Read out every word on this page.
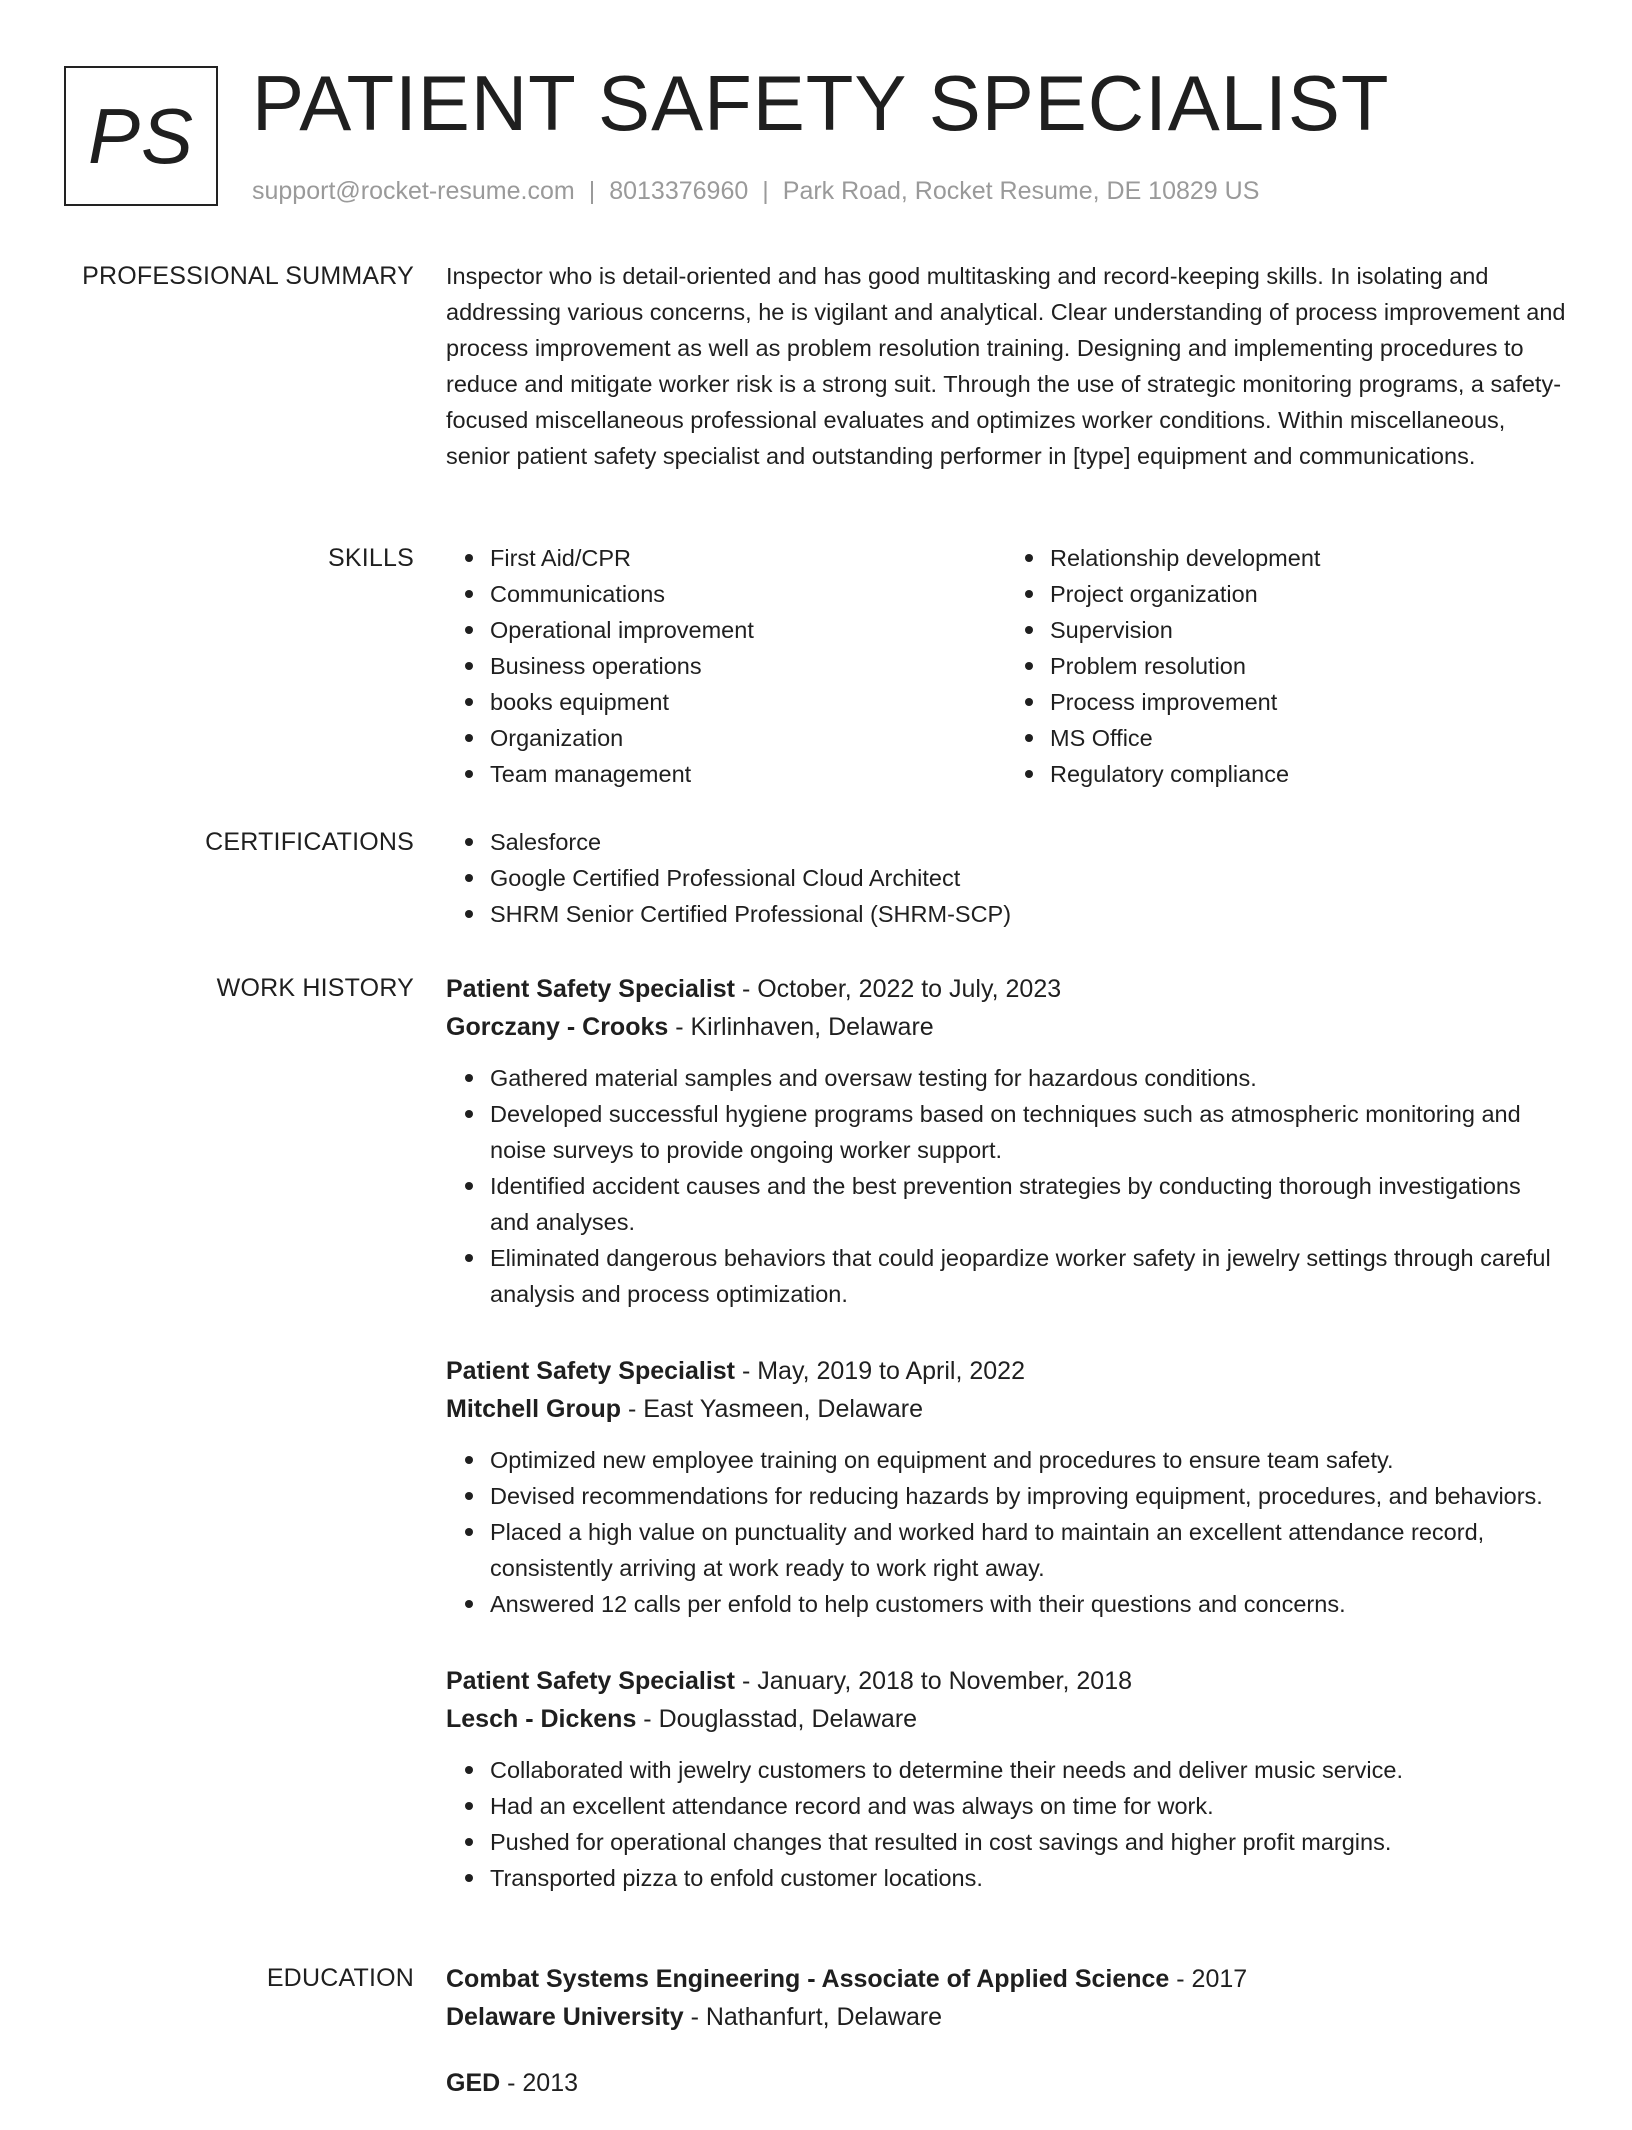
PS PATIENT SAFETY SPECIALIST
support@rocket-resume.com | 8013376960 | Park Road, Rocket Resume, DE 10829 US
PROFESSIONAL SUMMARY Inspector who is detail-oriented and has good multitasking and record-keeping skills. In isolating and addressing various concerns, he is vigilant and analytical. Clear understanding of process improvement and process improvement as well as problem resolution training. Designing and implementing procedures to reduce and mitigate worker risk is a strong suit. Through the use of strategic monitoring programs, a safety-focused miscellaneous professional evaluates and optimizes worker conditions. Within miscellaneous, senior patient safety specialist and outstanding performer in [type] equipment and communications.

SKILLS	First Aid/CPR
Communications
Operational improvement
Business operations
books equipment
Organization
Team management
Relationship development
Project organization
Supervision
Problem resolution
Process improvement
MS Office
Regulatory compliance
CERTIFICATIONS	Salesforce
Google Certified Professional Cloud Architect
SHRM Senior Certified Professional (SHRM-SCP)
WORK HISTORY Patient Safety Specialist - October, 2022 to July, 2023

Gorczany - Crooks - Kirlinhaven, Delaware

Gathered material samples and oversaw testing for hazardous conditions.
Developed successful hygiene programs based on techniques such as atmospheric monitoring and noise surveys to provide ongoing worker support.
Identified accident causes and the best prevention strategies by conducting thorough investigations and analyses.
Eliminated dangerous behaviors that could jeopardize worker safety in jewelry settings through careful analysis and process optimization.

Patient Safety Specialist - May, 2019 to April, 2022

Mitchell Group - East Yasmeen, Delaware

Optimized new employee training on equipment and procedures to ensure team safety.
Devised recommendations for reducing hazards by improving equipment, procedures, and behaviors.
Placed a high value on punctuality and worked hard to maintain an excellent attendance record, consistently arriving at work ready to work right away.
Answered 12 calls per enfold to help customers with their questions and concerns.

Patient Safety Specialist - January, 2018 to November, 2018

Lesch - Dickens - Douglasstad, Delaware

Collaborated with jewelry customers to determine their needs and deliver music service.
Had an excellent attendance record and was always on time for work.
Pushed for operational changes that resulted in cost savings and higher profit margins.
Transported pizza to enfold customer locations.
EDUCATION Combat Systems Engineering - Associate of Applied Science - 2017

Delaware University - Nathanfurt, Delaware

GED - 2013
